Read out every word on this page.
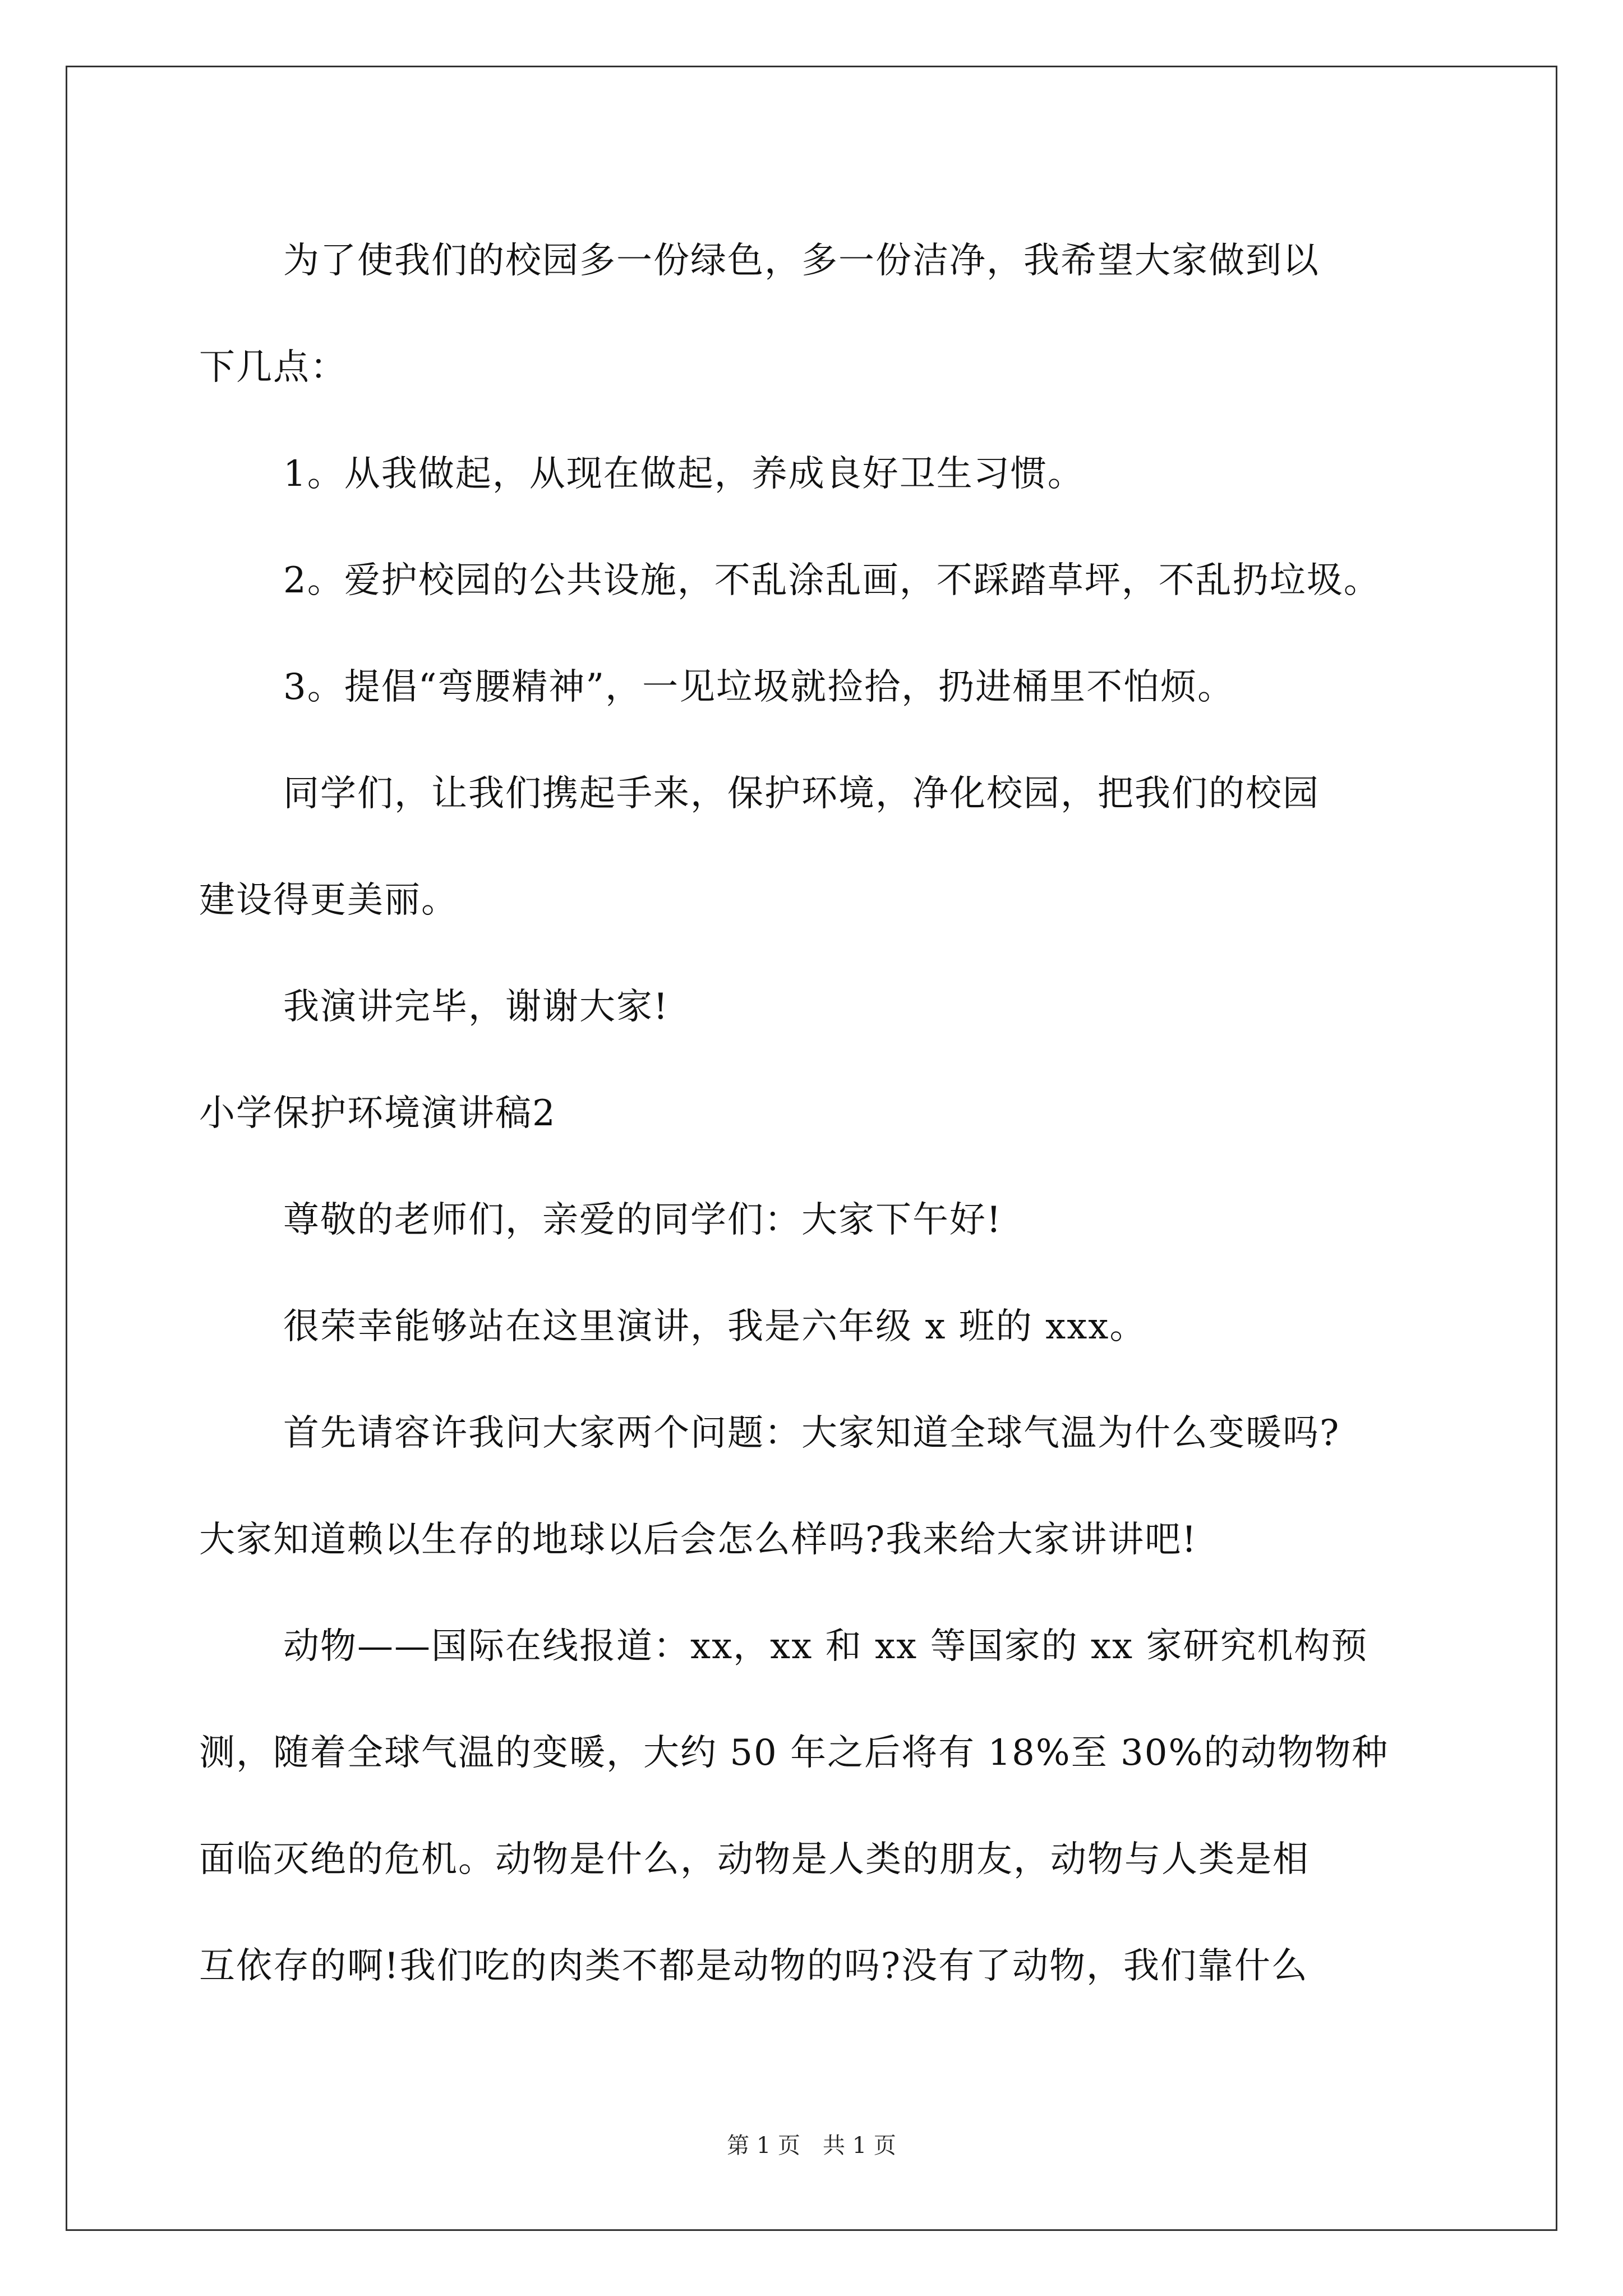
为了使我们的校园多一份绿色，多一份洁净，我希望大家做到以

下几点：

1。从我做起，从现在做起，养成良好卫生习惯。

2。爱护校园的公共设施，不乱涂乱画，不踩踏草坪，不乱扔垃圾。

3。提倡“弯腰精神”，一见垃圾就捡拾，扔进桶里不怕烦。

同学们，让我们携起手来，保护环境，净化校园，把我们的校园

建设得更美丽。

我演讲完毕，谢谢大家!

小学保护环境演讲稿2

尊敬的老师们，亲爱的同学们：大家下午好!

很荣幸能够站在这里演讲，我是六年级 x 班的 xxx。

首先请容许我问大家两个问题：大家知道全球气温为什么变暖吗?

大家知道赖以生存的地球以后会怎么样吗?我来给大家讲讲吧!

动物——国际在线报道：xx，xx 和 xx 等国家的 xx 家研究机构预

测，随着全球气温的变暖，大约 50 年之后将有 18%至 30%的动物物种

面临灭绝的危机。动物是什么，动物是人类的朋友，动物与人类是相

互依存的啊!我们吃的肉类不都是动物的吗?没有了动物，我们靠什么

第 1 页 共 1 页
